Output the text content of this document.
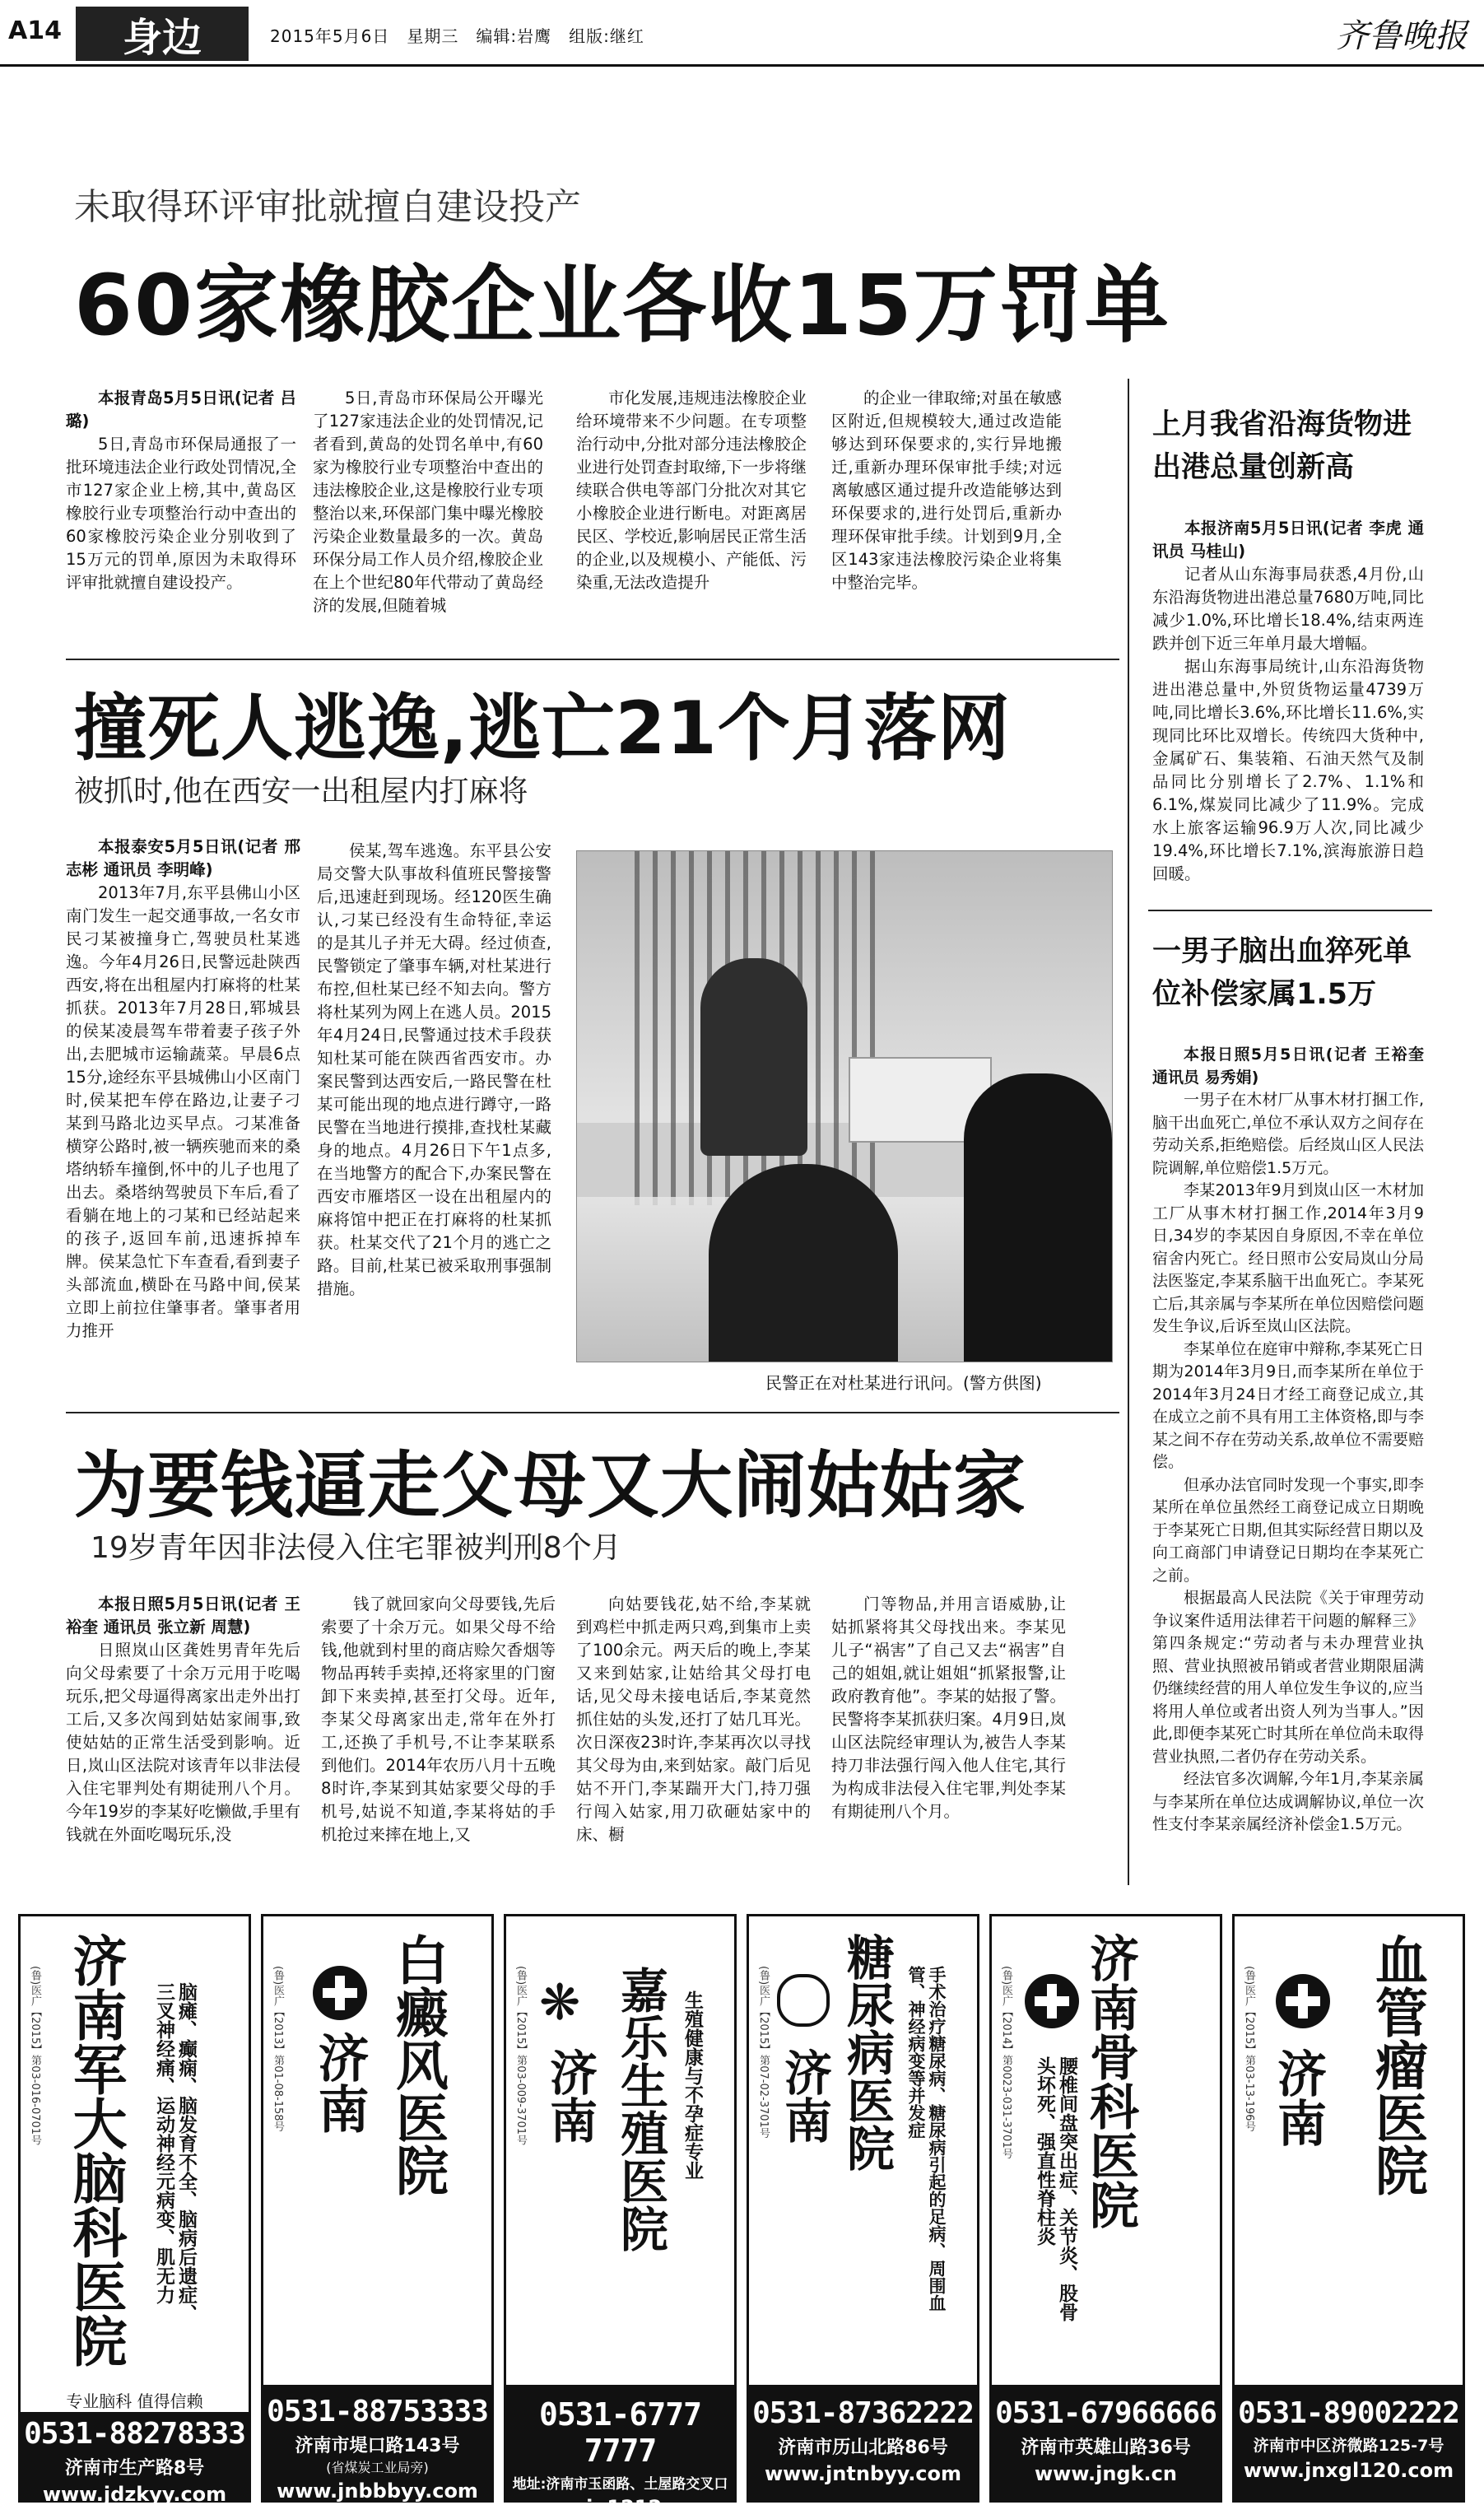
A14	身边	2015年5月6日　星期三　编辑:岩鹰　组版:继红	齐鲁晚报
未取得环评审批就擅自建设投产
60家橡胶企业各收15万罚单

本报青岛5月5日讯(记者 吕璐)

5日,青岛市环保局通报了一批环境违法企业行政处罚情况,全市127家企业上榜,其中,黄岛区橡胶行业专项整治行动中查出的60家橡胶污染企业分别收到了15万元的罚单,原因为未取得环评审批就擅自建设投产。

5日,青岛市环保局公开曝光了127家违法企业的处罚情况,记者看到,黄岛的处罚名单中,有60家为橡胶行业专项整治中查出的违法橡胶企业,这是橡胶行业专项整治以来,环保部门集中曝光橡胶污染企业数量最多的一次。黄岛环保分局工作人员介绍,橡胶企业在上个世纪80年代带动了黄岛经济的发展,但随着城

市化发展,违规违法橡胶企业给环境带来不少问题。在专项整治行动中,分批对部分违法橡胶企业进行处罚查封取缔,下一步将继续联合供电等部门分批次对其它小橡胶企业进行断电。对距离居民区、学校近,影响居民正常生活的企业,以及规模小、产能低、污染重,无法改造提升

的企业一律取缔;对虽在敏感区附近,但规模较大,通过改造能够达到环保要求的,实行异地搬迁,重新办理环保审批手续;对远离敏感区通过提升改造能够达到环保要求的,进行处罚后,重新办理环保审批手续。计划到9月,全区143家违法橡胶污染企业将集中整治完毕。

上月我省沿海货物进出港总量创新高

本报济南5月5日讯(记者 李虎 通讯员 马桂山)

记者从山东海事局获悉,4月份,山东沿海货物进出港总量7680万吨,同比减少1.0%,环比增长18.4%,结束两连跌并创下近三年单月最大增幅。

据山东海事局统计,山东沿海货物进出港总量中,外贸货物运量4739万吨,同比增长3.6%,环比增长11.6%,实现同比环比双增长。传统四大货种中,金属矿石、集装箱、石油天然气及制品同比分别增长了2.7%、1.1%和6.1%,煤炭同比减少了11.9%。完成水上旅客运输96.9万人次,同比减少19.4%,环比增长7.1%,滨海旅游日趋回暖。

一男子脑出血猝死单位补偿家属1.5万

本报日照5月5日讯(记者 王裕奎 通讯员 易秀娟)

一男子在木材厂从事木材打捆工作,脑干出血死亡,单位不承认双方之间存在劳动关系,拒绝赔偿。后经岚山区人民法院调解,单位赔偿1.5万元。

李某2013年9月到岚山区一木材加工厂从事木材打捆工作,2014年3月9日,34岁的李某因自身原因,不幸在单位宿舍内死亡。经日照市公安局岚山分局法医鉴定,李某系脑干出血死亡。李某死亡后,其亲属与李某所在单位因赔偿问题发生争议,后诉至岚山区法院。

李某单位在庭审中辩称,李某死亡日期为2014年3月9日,而李某所在单位于2014年3月24日才经工商登记成立,其在成立之前不具有用工主体资格,即与李某之间不存在劳动关系,故单位不需要赔偿。

但承办法官同时发现一个事实,即李某所在单位虽然经工商登记成立日期晚于李某死亡日期,但其实际经营日期以及向工商部门申请登记日期均在李某死亡之前。

根据最高人民法院《关于审理劳动争议案件适用法律若干问题的解释三》第四条规定:“劳动者与未办理营业执照、营业执照被吊销或者营业期限届满仍继续经营的用人单位发生争议的,应当将用人单位或者出资人列为当事人。”因此,即便李某死亡时其所在单位尚未取得营业执照,二者仍存在劳动关系。

经法官多次调解,今年1月,李某亲属与李某所在单位达成调解协议,单位一次性支付李某亲属经济补偿金1.5万元。

撞死人逃逸,逃亡21个月落网
被抓时,他在西安一出租屋内打麻将

本报泰安5月5日讯(记者 邢志彬 通讯员 李明峰)

2013年7月,东平县佛山小区南门发生一起交通事故,一名女市民刁某被撞身亡,驾驶员杜某逃逸。今年4月26日,民警远赴陕西西安,将在出租屋内打麻将的杜某抓获。2013年7月28日,郓城县的侯某凌晨驾车带着妻子孩子外出,去肥城市运输蔬菜。早晨6点15分,途经东平县城佛山小区南门时,侯某把车停在路边,让妻子刁某到马路北边买早点。刁某准备横穿公路时,被一辆疾驰而来的桑塔纳轿车撞倒,怀中的儿子也甩了出去。桑塔纳驾驶员下车后,看了看躺在地上的刁某和已经站起来的孩子,返回车前,迅速拆掉车牌。侯某急忙下车查看,看到妻子头部流血,横卧在马路中间,侯某立即上前拉住肇事者。肇事者用力推开

侯某,驾车逃逸。东平县公安局交警大队事故科值班民警接警后,迅速赶到现场。经120医生确认,刁某已经没有生命特征,幸运的是其儿子并无大碍。经过侦查,民警锁定了肇事车辆,对杜某进行布控,但杜某已经不知去向。警方将杜某列为网上在逃人员。2015年4月24日,民警通过技术手段获知杜某可能在陕西省西安市。办案民警到达西安后,一路民警在杜某可能出现的地点进行蹲守,一路民警在当地进行摸排,查找杜某藏身的地点。4月26日下午1点多,在当地警方的配合下,办案民警在西安市雁塔区一设在出租屋内的麻将馆中把正在打麻将的杜某抓获。杜某交代了21个月的逃亡之路。目前,杜某已被采取刑事强制措施。

民警正在对杜某进行讯问。(警方供图)
为要钱逼走父母又大闹姑姑家
19岁青年因非法侵入住宅罪被判刑8个月

本报日照5月5日讯(记者 王裕奎 通讯员 张立新 周慧)

日照岚山区龚姓男青年先后向父母索要了十余万元用于吃喝玩乐,把父母逼得离家出走外出打工后,又多次闯到姑姑家闹事,致使姑姑的正常生活受到影响。近日,岚山区法院对该青年以非法侵入住宅罪判处有期徒刑八个月。今年19岁的李某好吃懒做,手里有钱就在外面吃喝玩乐,没

钱了就回家向父母要钱,先后索要了十余万元。如果父母不给钱,他就到村里的商店赊欠香烟等物品再转手卖掉,还将家里的门窗卸下来卖掉,甚至打父母。近年,李某父母离家出走,常年在外打工,还换了手机号,不让李某联系到他们。2014年农历八月十五晚8时许,李某到其姑家要父母的手机号,姑说不知道,李某将姑的手机抢过来摔在地上,又

向姑要钱花,姑不给,李某就到鸡栏中抓走两只鸡,到集市上卖了100余元。两天后的晚上,李某又来到姑家,让姑给其父母打电话,见父母未接电话后,李某竟然抓住姑的头发,还打了姑几耳光。次日深夜23时许,李某再次以寻找其父母为由,来到姑家。敲门后见姑不开门,李某踹开大门,持刀强行闯入姑家,用刀砍砸姑家中的床、橱

门等物品,并用言语威胁,让姑抓紧将其父母找出来。李某见儿子“祸害”了自己又去“祸害”自己的姐姐,就让姐姐“抓紧报警,让政府教育他”。李某的姑报了警。民警将李某抓获归案。4月9日,岚山区法院经审理认为,被告人李某持刀非法强行闯入他人住宅,其行为构成非法侵入住宅罪,判处李某有期徒刑八个月。

(鲁)医广【2015】第03-016-0701号 济南军大脑科医院	脑瘫、癫痫、脑发育不全、脑病后遗症、三叉神经痛、运动神经元病变、肌无力
专业脑科 值得信赖
0531-88278333
济南市生产路8号
www.jdzkyy.com
(鲁)医广【2013】第01-08-158号 白癜风医院
济南
0531-88753333
济南市堤口路143号
(省煤炭工业局旁)
www.jnbbbyy.com
(鲁)医广【2015】第03-009-3701号 ❋
济南 嘉乐生殖医院 生殖健康与不孕症专业
0531-6777 7777
地址:济南市玉函路、土屋路交叉口
www.jn1212.com
(鲁)医广【2015】第07-02-3701号 济南 糖尿病医院	手术治疗糖尿病、糖尿病引起的足病、周围血管、神经病变等并发症
0531-87362222
济南市历山北路86号
www.jntnbyy.com
(鲁)医广【2014】第0023-031-3701号 济南骨科医院
腰椎间盘突出症、关节炎、股骨头坏死、强直性脊柱炎
0531-67966666
济南市英雄山路36号
www.jngk.cn
(鲁)医广【2015】第03-13-196号 济南 血管瘤医院
0531-89002222
济南市中区济微路125-7号
www.jnxgl120.com
